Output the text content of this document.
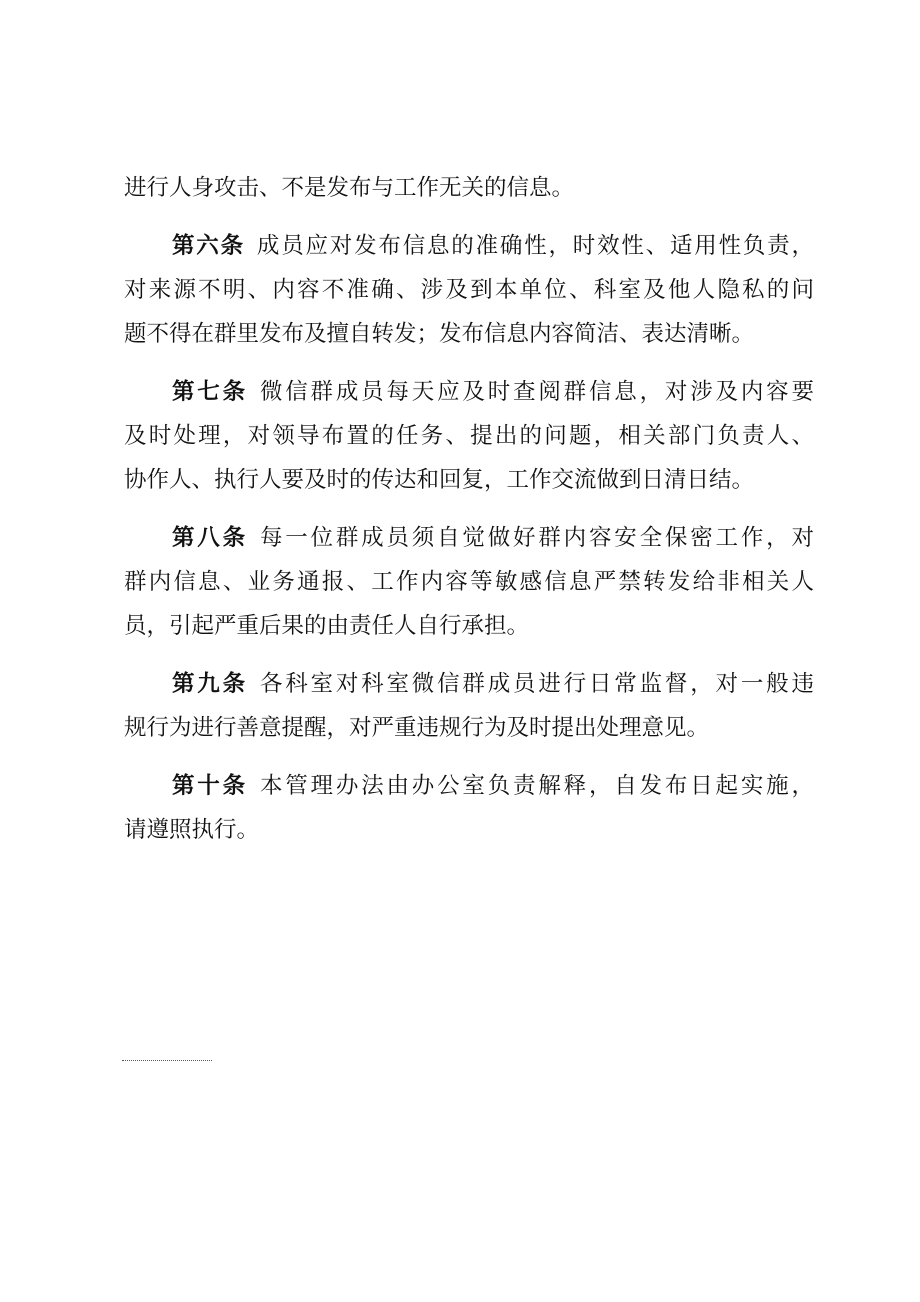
进行人身攻击、不是发布与工作无关的信息。
第六条 成员应对发布信息的准确性，时效性、适用性负责，
对来源不明、内容不准确、涉及到本单位、科室及他人隐私的问
题不得在群里发布及擅自转发；发布信息内容简洁、表达清晰。
第七条 微信群成员每天应及时查阅群信息，对涉及内容要
及时处理，对领导布置的任务、提出的问题，相关部门负责人、
协作人、执行人要及时的传达和回复，工作交流做到日清日结。
第八条 每一位群成员须自觉做好群内容安全保密工作，对
群内信息、业务通报、工作内容等敏感信息严禁转发给非相关人
员，引起严重后果的由责任人自行承担。
第九条 各科室对科室微信群成员进行日常监督，对一般违
规行为进行善意提醒，对严重违规行为及时提出处理意见。
第十条 本管理办法由办公室负责解释，自发布日起实施，
请遵照执行。
